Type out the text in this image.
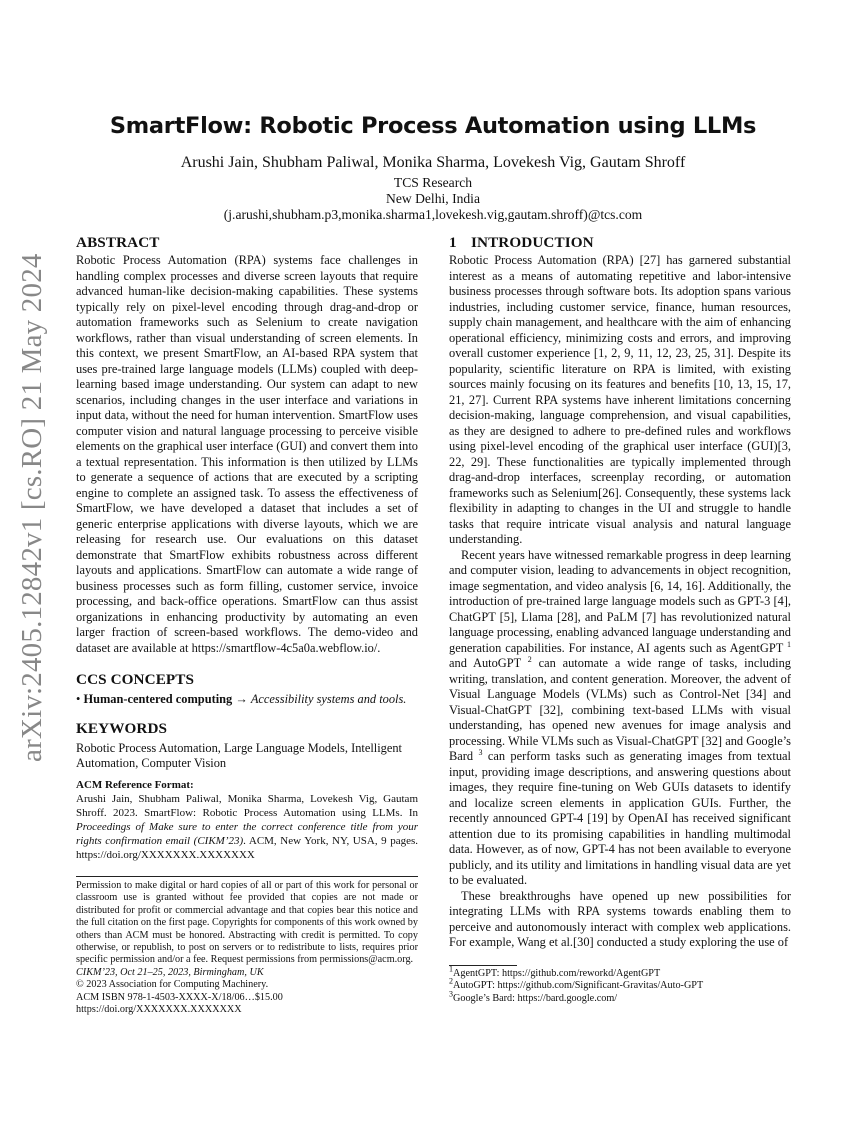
arXiv:2405.12842v1 [cs.RO] 21 May 2024
SmartFlow: Robotic Process Automation using LLMs
Arushi Jain, Shubham Paliwal, Monika Sharma, Lovekesh Vig, Gautam Shroff
TCS Research
New Delhi, India
(j.arushi,shubham.p3,monika.sharma1,lovekesh.vig,gautam.shroff)@tcs.com
ABSTRACT

Robotic Process Automation (RPA) systems face challenges in handling complex processes and diverse screen layouts that require advanced human-like decision-making capabilities. These systems typically rely on pixel-level encoding through drag-and-drop or automation frameworks such as Selenium to create navigation workflows, rather than visual understanding of screen elements. In this context, we present SmartFlow, an AI-based RPA system that uses pre-trained large language models (LLMs) coupled with deep-learning based image understanding. Our system can adapt to new scenarios, including changes in the user interface and variations in input data, without the need for human intervention. SmartFlow uses computer vision and natural language processing to perceive visible elements on the graphical user interface (GUI) and convert them into a textual representation. This information is then utilized by LLMs to generate a sequence of actions that are executed by a scripting engine to complete an assigned task. To assess the effectiveness of SmartFlow, we have developed a dataset that includes a set of generic enterprise applications with diverse layouts, which we are releasing for research use. Our evaluations on this dataset demonstrate that SmartFlow exhibits robustness across different layouts and applications. SmartFlow can automate a wide range of business processes such as form filling, customer service, invoice processing, and back-office operations. SmartFlow can thus assist organizations in enhancing productivity by automating an even larger fraction of screen-based workflows. The demo-video and dataset are available at https://smartflow-4c5a0a.webflow.io/.

CCS CONCEPTS

• Human-centered computing → Accessibility systems and tools.

KEYWORDS

Robotic Process Automation, Large Language Models, Intelligent Automation, Computer Vision

ACM Reference Format:

Arushi Jain, Shubham Paliwal, Monika Sharma, Lovekesh Vig, Gautam Shroff. 2023. SmartFlow: Robotic Process Automation using LLMs. In Proceedings of Make sure to enter the correct conference title from your rights confirmation email (CIKM’23). ACM, New York, NY, USA, 9 pages. https://doi.org/XXXXXXX.XXXXXXX

Permission to make digital or hard copies of all or part of this work for personal or classroom use is granted without fee provided that copies are not made or distributed for profit or commercial advantage and that copies bear this notice and the full citation on the first page. Copyrights for components of this work owned by others than ACM must be honored. Abstracting with credit is permitted. To copy otherwise, or republish, to post on servers or to redistribute to lists, requires prior specific permission and/or a fee. Request permissions from permissions@acm.org.

CIKM’23, Oct 21–25, 2023, Birmingham, UK
© 2023 Association for Computing Machinery.
ACM ISBN 978-1-4503-XXXX-X/18/06…$15.00
https://doi.org/XXXXXXX.XXXXXXX
1 INTRODUCTION

Robotic Process Automation (RPA) [27] has garnered substantial interest as a means of automating repetitive and labor-intensive business processes through software bots. Its adoption spans various industries, including customer service, finance, human resources, supply chain management, and healthcare with the aim of enhancing operational efficiency, minimizing costs and errors, and improving overall customer experience [1, 2, 9, 11, 12, 23, 25, 31]. Despite its popularity, scientific literature on RPA is limited, with existing sources mainly focusing on its features and benefits [10, 13, 15, 17, 21, 27]. Current RPA systems have inherent limitations concerning decision-making, language comprehension, and visual capabilities, as they are designed to adhere to pre-defined rules and workflows using pixel-level encoding of the graphical user interface (GUI)[3, 22, 29]. These functionalities are typically implemented through drag-and-drop interfaces, screenplay recording, or automation frameworks such as Selenium[26]. Consequently, these systems lack flexibility in adapting to changes in the UI and struggle to handle tasks that require intricate visual analysis and natural language understanding.

Recent years have witnessed remarkable progress in deep learning and computer vision, leading to advancements in object recognition, image segmentation, and video analysis [6, 14, 16]. Additionally, the introduction of pre-trained large language models such as GPT-3 [4], ChatGPT [5], Llama [28], and PaLM [7] has revolutionized natural language processing, enabling advanced language understanding and generation capabilities. For instance, AI agents such as AgentGPT $^1$ and AutoGPT $^2$ can automate a wide range of tasks, including writing, translation, and content generation. Moreover, the advent of Visual Language Models (VLMs) such as Control-Net [34] and Visual-ChatGPT [32], combining text-based LLMs with visual understanding, has opened new avenues for image analysis and processing. While VLMs such as Visual-ChatGPT [32] and Google’s Bard $^3$ can perform tasks such as generating images from textual input, providing image descriptions, and answering questions about images, they require fine-tuning on Web GUIs datasets to identify and localize screen elements in application GUIs. Further, the recently announced GPT-4 [19] by OpenAI has received significant attention due to its promising capabilities in handling multimodal data. However, as of now, GPT-4 has not been available to everyone publicly, and its utility and limitations in handling visual data are yet to be evaluated.

These breakthroughs have opened up new possibilities for integrating LLMs with RPA systems towards enabling them to perceive and autonomously interact with complex web applications. For example, Wang et al.[30] conducted a study exploring the use of

$^1$AgentGPT: https://github.com/reworkd/AgentGPT
$^2$AutoGPT: https://github.com/Significant-Gravitas/Auto-GPT
$^3$Google’s Bard: https://bard.google.com/
